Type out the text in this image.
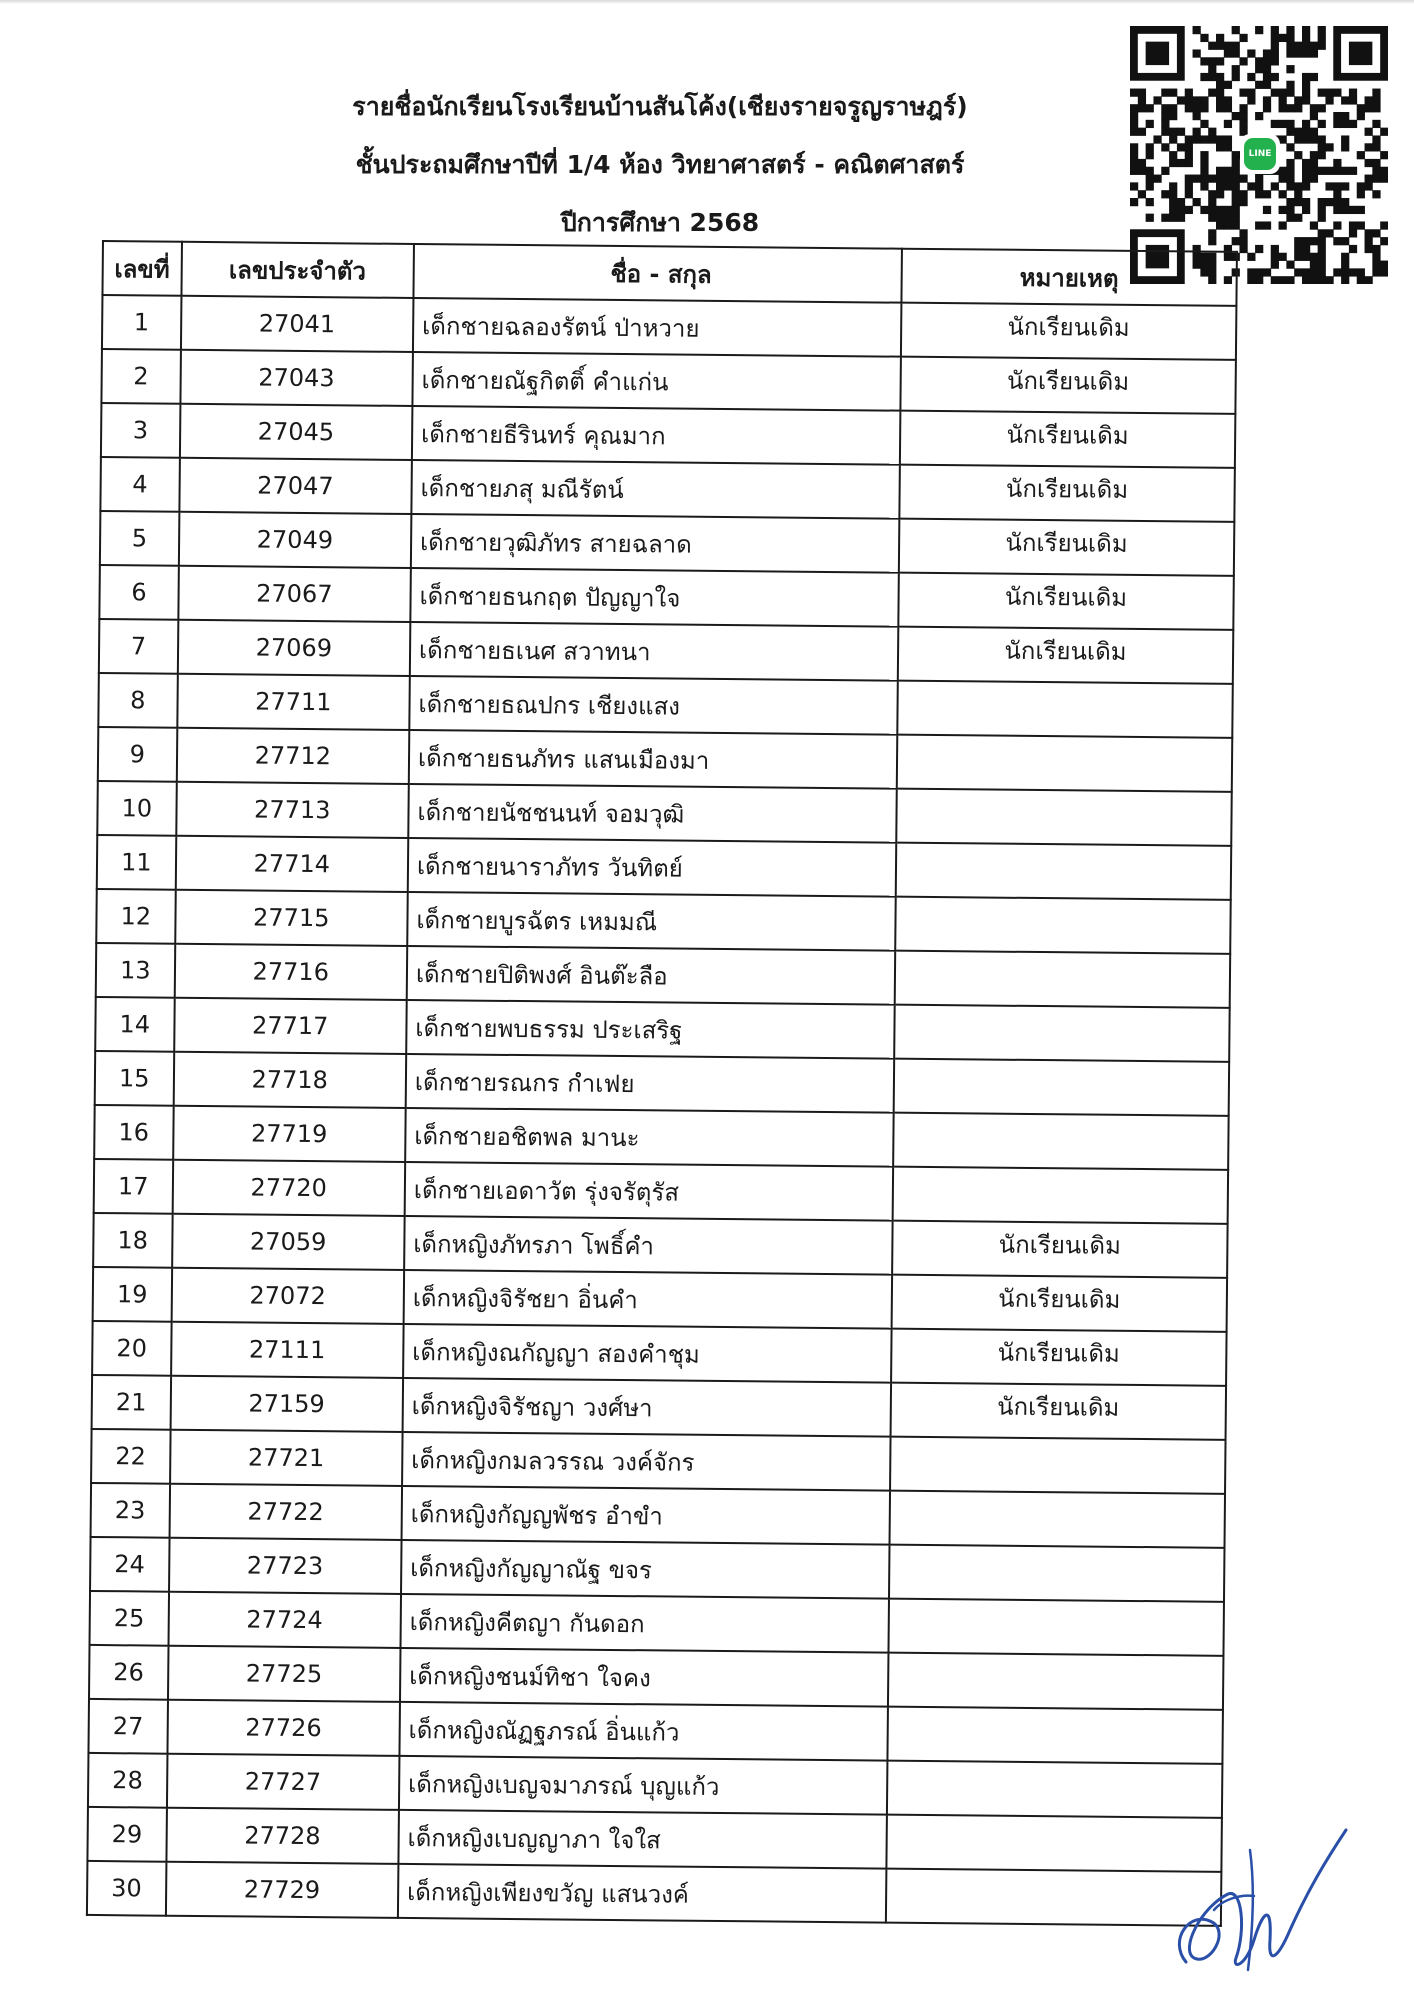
รายชื่อนักเรียนโรงเรียนบ้านสันโค้ง(เชียงรายจรูญราษฎร์)
ชั้นประถมศึกษาปีที่ 1/4 ห้อง วิทยาศาสตร์ - คณิตศาสตร์
ปีการศึกษา 2568
LINE
เลขที่	เลขประจำตัว	ชื่อ - สกุล	หมายเหตุ
1	27041	เด็กชายฉลองรัตน์ ป่าหวาย	นักเรียนเดิม
2	27043	เด็กชายณัฐกิตติ์ คำแก่น	นักเรียนเดิม
3	27045	เด็กชายธีรินทร์ คุณมาก	นักเรียนเดิม
4	27047	เด็กชายภสุ มณีรัตน์	นักเรียนเดิม
5	27049	เด็กชายวุฒิภัทร สายฉลาด	นักเรียนเดิม
6	27067	เด็กชายธนกฤต ปัญญาใจ	นักเรียนเดิม
7	27069	เด็กชายธเนศ สวาทนา	นักเรียนเดิม
8	27711	เด็กชายธณปกร เชียงแสง	
9	27712	เด็กชายธนภัทร แสนเมืองมา	
10	27713	เด็กชายนัชชนนท์ จอมวุฒิ	
11	27714	เด็กชายนาราภัทร วันทิตย์	
12	27715	เด็กชายบูรฉัตร เหมมณี	
13	27716	เด็กชายปิติพงศ์ อินต๊ะลือ	
14	27717	เด็กชายพบธรรม ประเสริฐ	
15	27718	เด็กชายรณกร กำเฟย	
16	27719	เด็กชายอชิตพล มานะ	
17	27720	เด็กชายเอดาวัต รุ่งจรัตุรัส	
18	27059	เด็กหญิงภัทรภา โพธิ์คำ	นักเรียนเดิม
19	27072	เด็กหญิงจิรัชยา อิ่นคำ	นักเรียนเดิม
20	27111	เด็กหญิงณกัญญา สองคำชุม	นักเรียนเดิม
21	27159	เด็กหญิงจิรัชญา วงศ์ษา	นักเรียนเดิม
22	27721	เด็กหญิงกมลวรรณ วงค์จักร	
23	27722	เด็กหญิงกัญญพัชร อำขำ	
24	27723	เด็กหญิงกัญญาณัฐ ขจร	
25	27724	เด็กหญิงคีตญา กันดอก	
26	27725	เด็กหญิงชนม์ทิชา ใจคง	
27	27726	เด็กหญิงณัฏฐภรณ์ อิ่นแก้ว	
28	27727	เด็กหญิงเบญจมาภรณ์ บุญแก้ว	
29	27728	เด็กหญิงเบญญาภา ใจใส	
30	27729	เด็กหญิงเพียงขวัญ แสนวงค์	
